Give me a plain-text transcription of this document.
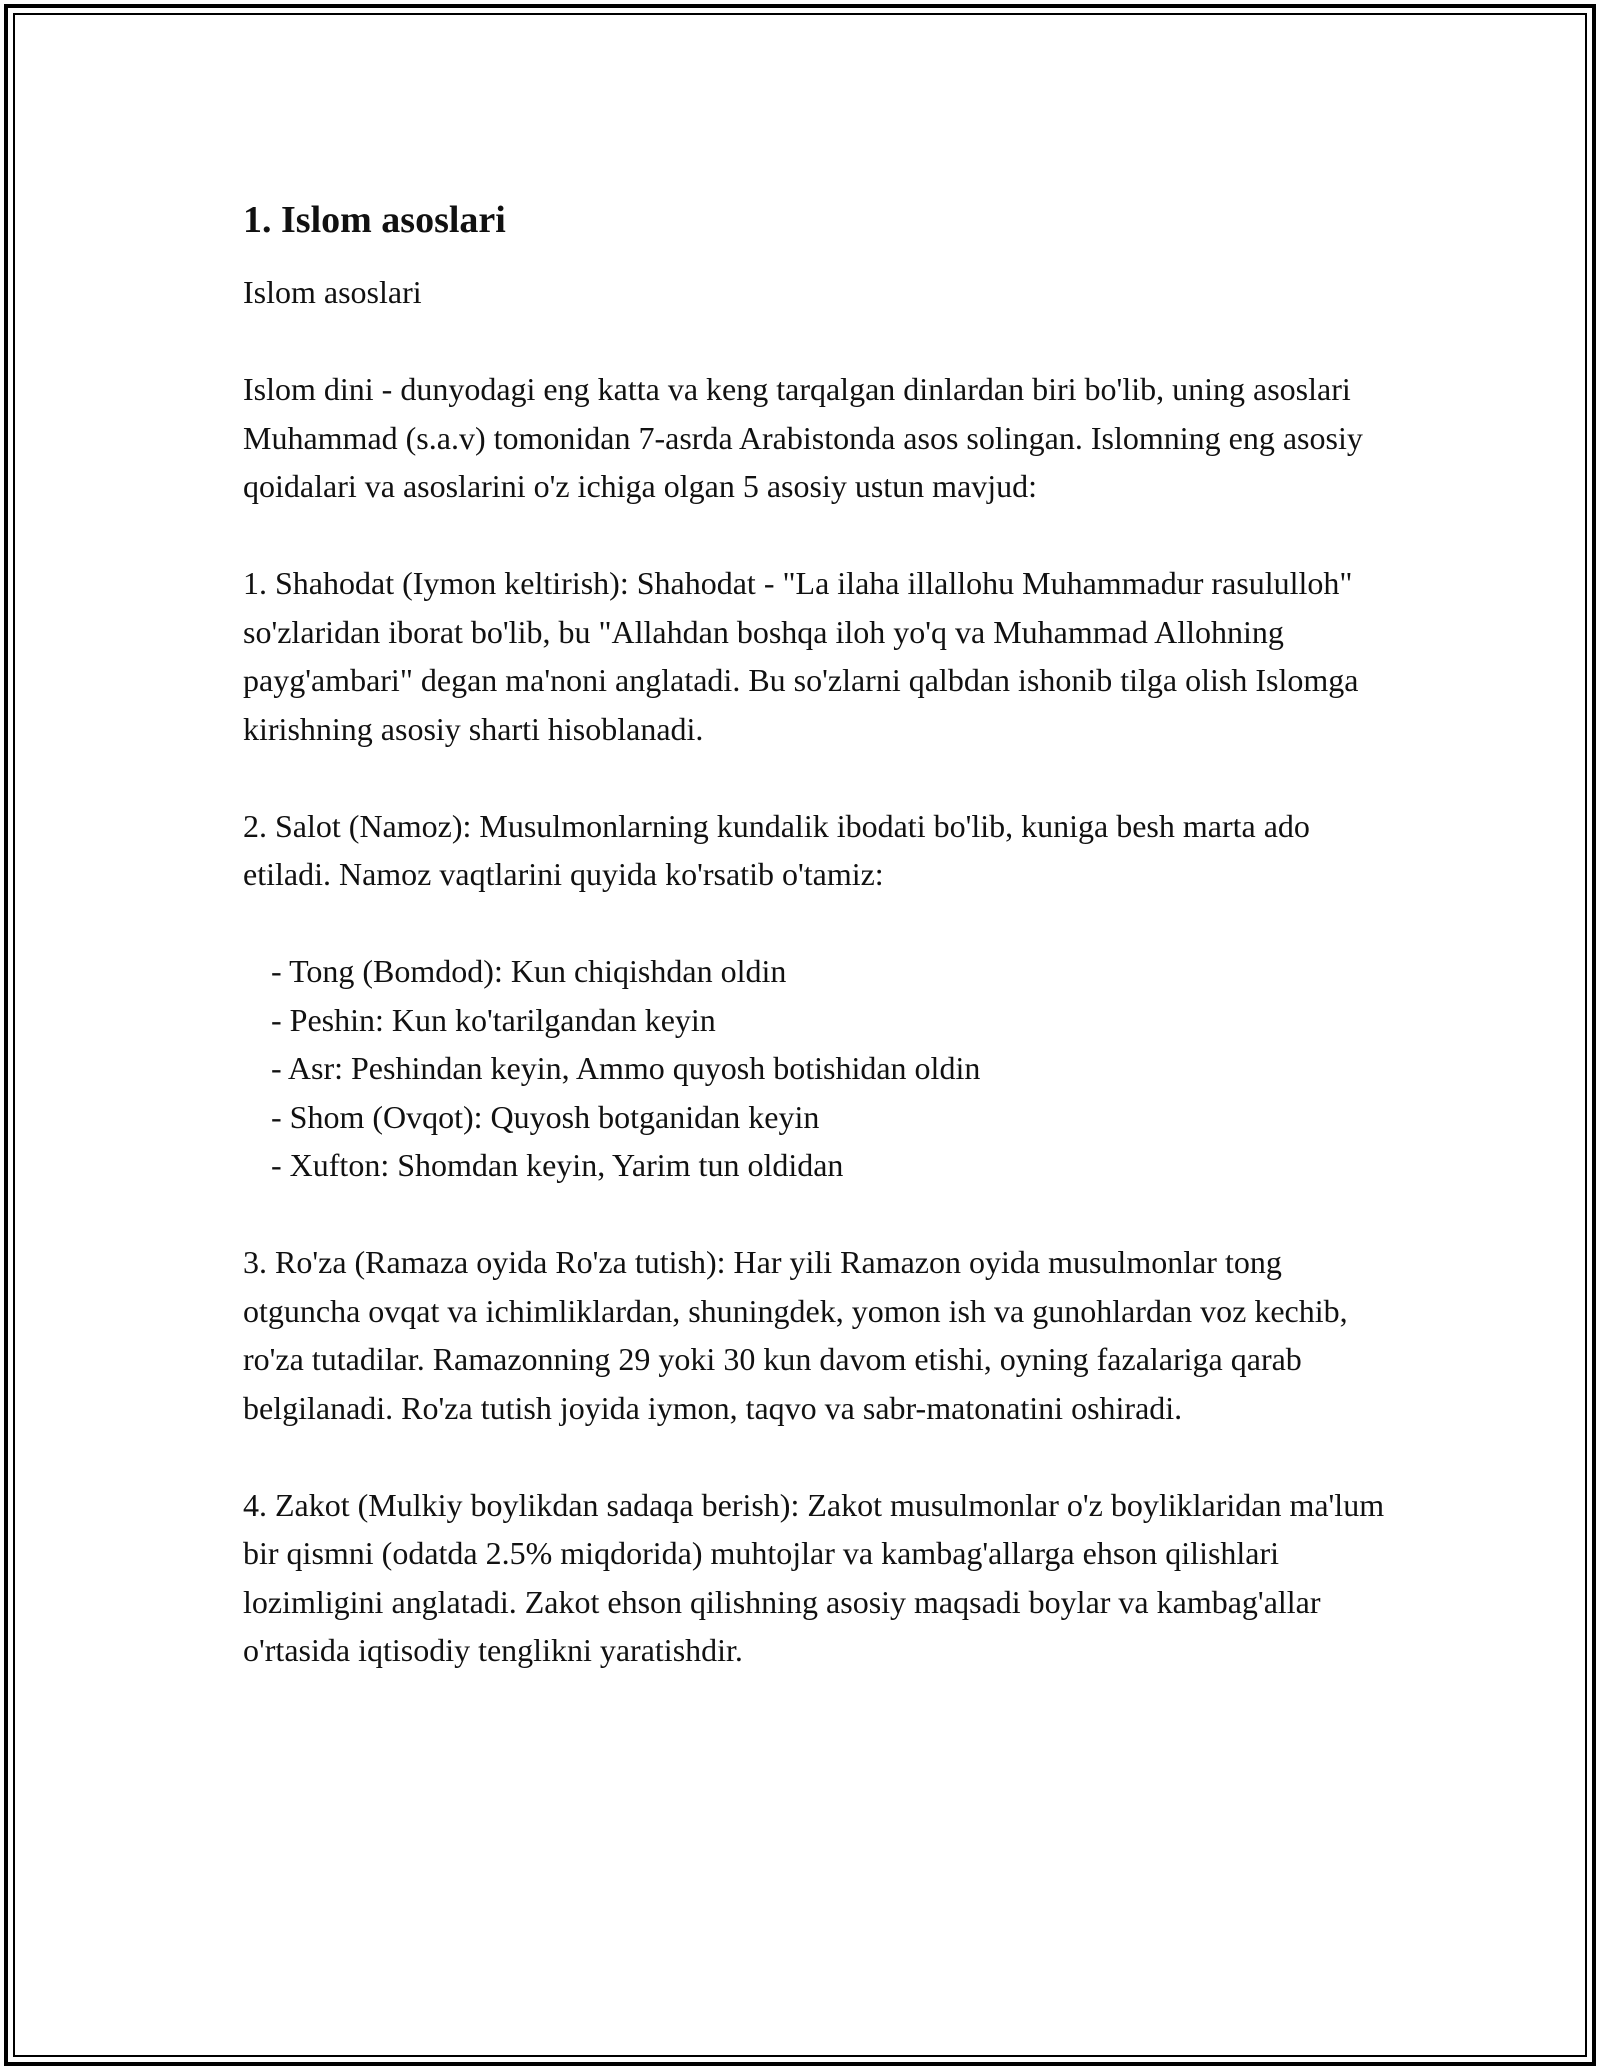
1. Islom asoslari

Islom asoslari

Islom dini - dunyodagi eng katta va keng tarqalgan dinlardan biri bo'lib, uning asoslari Muhammad (s.a.v) tomonidan 7-asrda Arabistonda asos solingan. Islomning eng asosiy qoidalari va asoslarini o'z ichiga olgan 5 asosiy ustun mavjud:

1. Shahodat (Iymon keltirish): Shahodat - "La ilaha illallohu Muhammadur rasululloh" so'zlaridan iborat bo'lib, bu "Allahdan boshqa iloh yo'q va Muhammad Allohning payg'ambari" degan ma'noni anglatadi. Bu so'zlarni qalbdan ishonib tilga olish Islomga kirishning asosiy sharti hisoblanadi.

2. Salot (Namoz): Musulmonlarning kundalik ibodati bo'lib, kuniga besh marta ado etiladi. Namoz vaqtlarini quyida ko'rsatib o'tamiz:

- Tong (Bomdod): Kun chiqishdan oldin
- Peshin: Kun ko'tarilgandan keyin
- Asr: Peshindan keyin, Ammo quyosh botishidan oldin
- Shom (Ovqot): Quyosh botganidan keyin
- Xufton: Shomdan keyin, Yarim tun oldidan

3. Ro'za (Ramaza oyida Ro'za tutish): Har yili Ramazon oyida musulmonlar tong otguncha ovqat va ichimliklardan, shuningdek, yomon ish va gunohlardan voz kechib, ro'za tutadilar. Ramazonning 29 yoki 30 kun davom etishi, oyning fazalariga qarab belgilanadi. Ro'za tutish joyida iymon, taqvo va sabr-matonatini oshiradi.

4. Zakot (Mulkiy boylikdan sadaqa berish): Zakot musulmonlar o'z boyliklaridan ma'lum bir qismni (odatda 2.5% miqdorida) muhtojlar va kambag'allarga ehson qilishlari lozimligini anglatadi. Zakot ehson qilishning asosiy maqsadi boylar va kambag'allar o'rtasida iqtisodiy tenglikni yaratishdir.
